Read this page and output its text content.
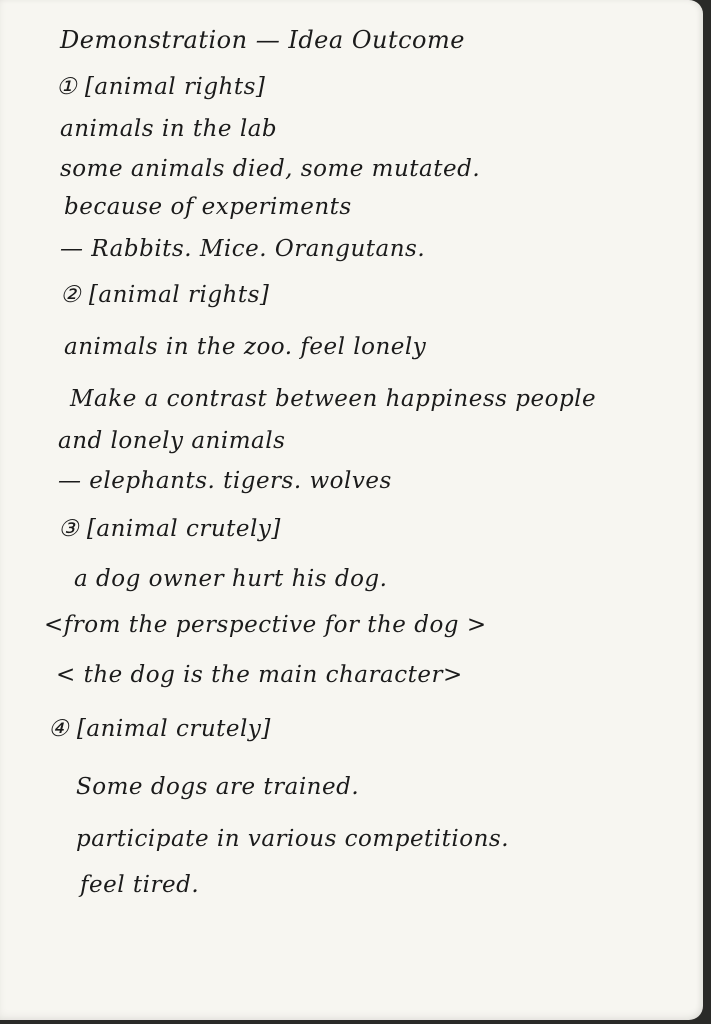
Demonstration — Idea Outcome
① [animal rights]
animals in the lab
some animals died, some mutated.
because of experiments
— Rabbits. Mice. Orangutans.
② [animal rights]
animals in the zoo. feel lonely
Make a contrast between happiness people
and lonely animals
— elephants. tigers. wolves
③ [animal crutely]
a dog owner hurt his dog.
<from the perspective for the dog >
< the dog is the main character>
④ [animal crutely]
Some dogs are trained.
participate in various competitions.
feel tired.
